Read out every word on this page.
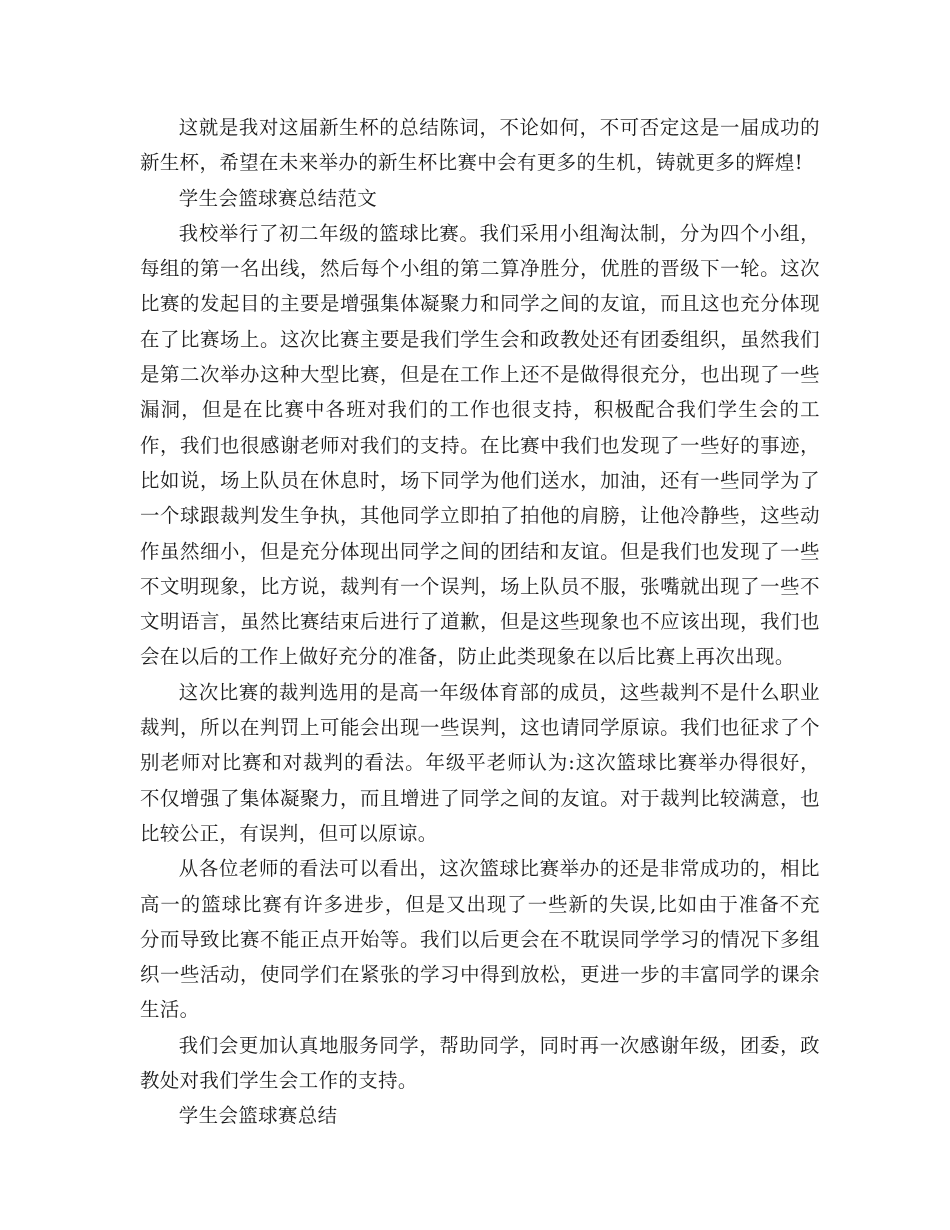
这就是我对这届新生杯的总结陈词，不论如何，不可否定这是一届成功的新生杯，希望在未来举办的新生杯比赛中会有更多的生机，铸就更多的辉煌!

学生会篮球赛总结范文

我校举行了初二年级的篮球比赛。我们采用小组淘汰制，分为四个小组，每组的第一名出线，然后每个小组的第二算净胜分，优胜的晋级下一轮。这次比赛的发起目的主要是增强集体凝聚力和同学之间的友谊，而且这也充分体现在了比赛场上。这次比赛主要是我们学生会和政教处还有团委组织，虽然我们是第二次举办这种大型比赛，但是在工作上还不是做得很充分，也出现了一些漏洞，但是在比赛中各班对我们的工作也很支持，积极配合我们学生会的工作，我们也很感谢老师对我们的支持。在比赛中我们也发现了一些好的事迹，比如说，场上队员在休息时，场下同学为他们送水，加油，还有一些同学为了一个球跟裁判发生争执，其他同学立即拍了拍他的肩膀，让他冷静些，这些动作虽然细小，但是充分体现出同学之间的团结和友谊。但是我们也发现了一些不文明现象，比方说，裁判有一个误判，场上队员不服，张嘴就出现了一些不文明语言，虽然比赛结束后进行了道歉，但是这些现象也不应该出现，我们也会在以后的工作上做好充分的准备，防止此类现象在以后比赛上再次出现。

这次比赛的裁判选用的是高一年级体育部的成员，这些裁判不是什么职业裁判，所以在判罚上可能会出现一些误判，这也请同学原谅。我们也征求了个别老师对比赛和对裁判的看法。年级平老师认为:这次篮球比赛举办得很好，不仅增强了集体凝聚力，而且增进了同学之间的友谊。对于裁判比较满意，也比较公正，有误判，但可以原谅。

从各位老师的看法可以看出，这次篮球比赛举办的还是非常成功的，相比高一的篮球比赛有许多进步，但是又出现了一些新的失误,比如由于准备不充分而导致比赛不能正点开始等。我们以后更会在不耽误同学学习的情况下多组织一些活动，使同学们在紧张的学习中得到放松，更进一步的丰富同学的课余生活。

我们会更加认真地服务同学，帮助同学，同时再一次感谢年级，团委，政教处对我们学生会工作的支持。

学生会篮球赛总结
